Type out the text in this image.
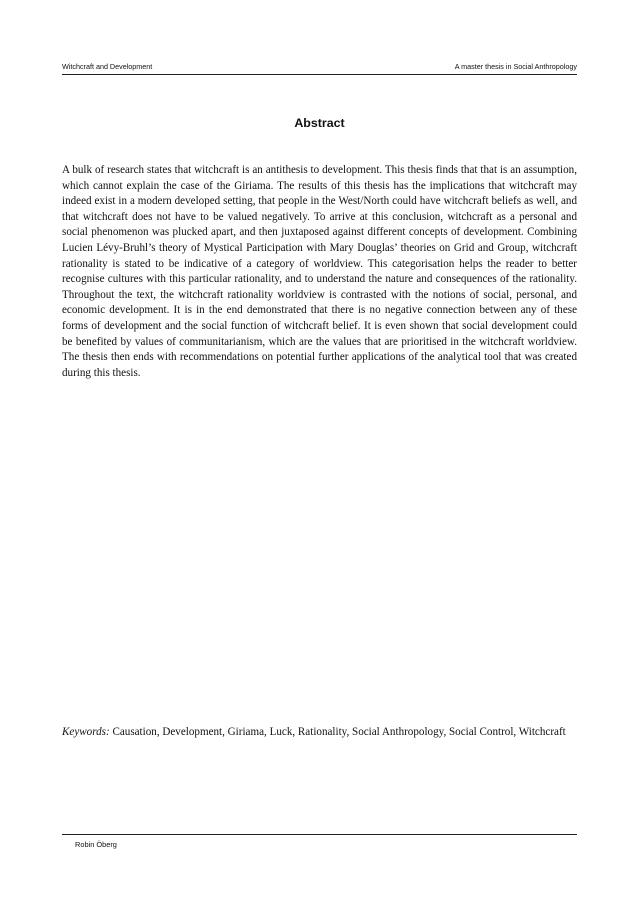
Witchcraft and Development	A master thesis in Social Anthropology
Abstract

A bulk of research states that witchcraft is an antithesis to development. This thesis finds that that is an assumption, which cannot explain the case of the Giriama. The results of this thesis has the implications that witchcraft may indeed exist in a modern developed setting, that people in the West/North could have witchcraft beliefs as well, and that witchcraft does not have to be valued negatively. To arrive at this conclusion, witchcraft as a personal and social phenomenon was plucked apart, and then juxtaposed against different concepts of development. Combining Lucien Lévy-Bruhl’s theory of Mystical Participation with Mary Douglas’ theories on Grid and Group, witchcraft rationality is stated to be indicative of a category of worldview. This categorisation helps the reader to better recognise cultures with this particular rationality, and to understand the nature and consequences of the rationality. Throughout the text, the witchcraft rationality worldview is contrasted with the notions of social, personal, and economic development. It is in the end demonstrated that there is no negative connection between any of these forms of development and the social function of witchcraft belief. It is even shown that social development could be benefited by values of communitarianism, which are the values that are prioritised in the witchcraft worldview. The thesis then ends with recommendations on potential further applications of the analytical tool that was created during this thesis.

Keywords: Causation, Development, Giriama, Luck, Rationality, Social Anthropology, Social Control, Witchcraft

Robin Öberg
